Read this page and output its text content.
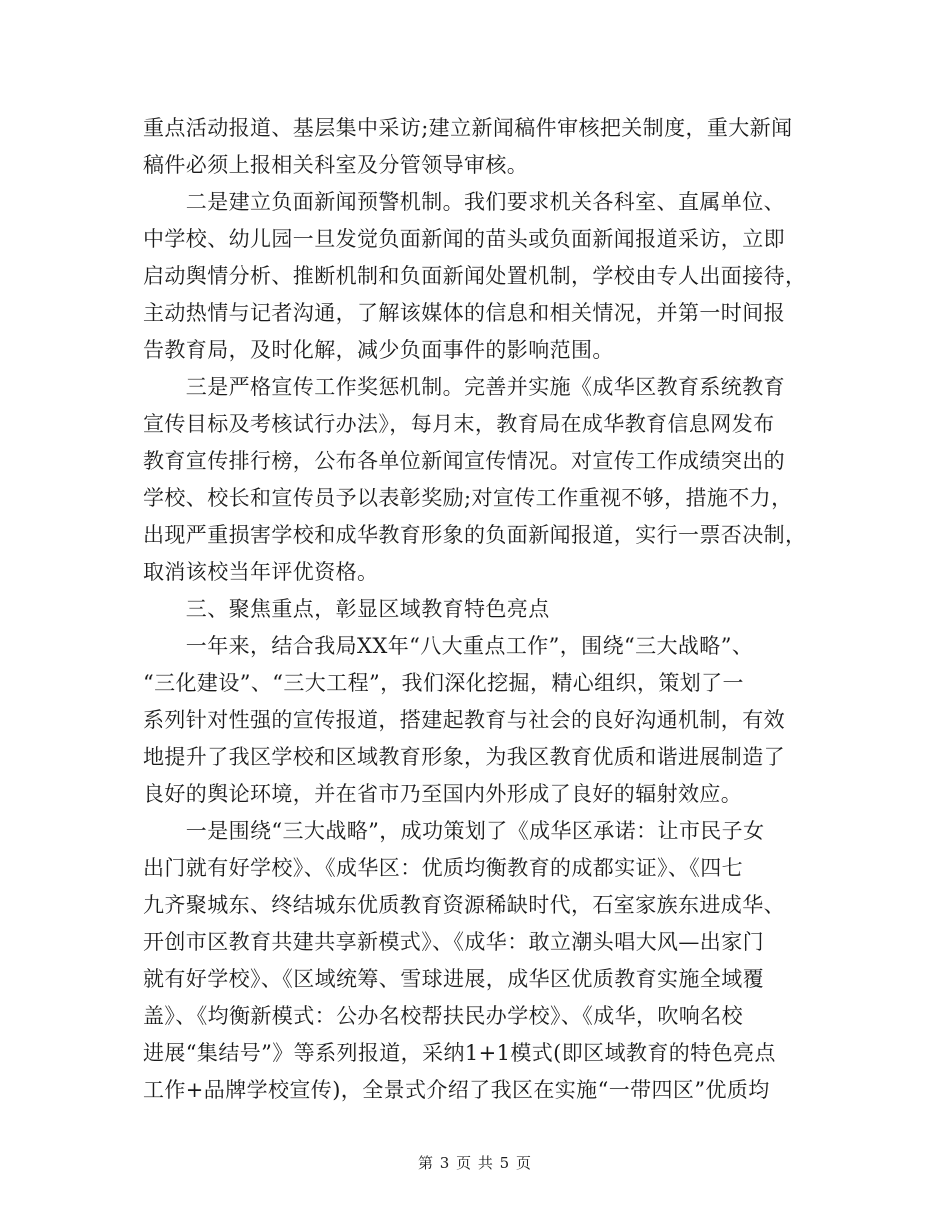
重点活动报道、基层集中采访;建立新闻稿件审核把关制度，重大新闻
稿件必须上报相关科室及分管领导审核。
　　二是建立负面新闻预警机制。我们要求机关各科室、直属单位、
中学校、幼儿园一旦发觉负面新闻的苗头或负面新闻报道采访，立即
启动舆情分析、推断机制和负面新闻处置机制，学校由专人出面接待，
主动热情与记者沟通，了解该媒体的信息和相关情况，并第一时间报
告教育局，及时化解，减少负面事件的影响范围。
　　三是严格宣传工作奖惩机制。完善并实施《成华区教育系统教育
宣传目标及考核试行办法》，每月末，教育局在成华教育信息网发布
教育宣传排行榜，公布各单位新闻宣传情况。对宣传工作成绩突出的
学校、校长和宣传员予以表彰奖励;对宣传工作重视不够，措施不力，
出现严重损害学校和成华教育形象的负面新闻报道，实行一票否决制，
取消该校当年评优资格。
　　三、聚焦重点，彰显区域教育特色亮点
　　一年来，结合我局XX年“八大重点工作”，围绕“三大战略”、
“三化建设”、“三大工程”，我们深化挖掘，精心组织，策划了一
系列针对性强的宣传报道，搭建起教育与社会的良好沟通机制，有效
地提升了我区学校和区域教育形象，为我区教育优质和谐进展制造了
良好的舆论环境，并在省市乃至国内外形成了良好的辐射效应。
　　一是围绕“三大战略”，成功策划了《成华区承诺：让市民子女
出门就有好学校》、《成华区：优质均衡教育的成都实证》、《四七
九齐聚城东、终结城东优质教育资源稀缺时代，石室家族东进成华、
开创市区教育共建共享新模式》、《成华：敢立潮头唱大风—出家门
就有好学校》、《区域统筹、雪球进展，成华区优质教育实施全域覆
盖》、《均衡新模式：公办名校帮扶民办学校》、《成华，吹响名校
进展“集结号”》等系列报道，采纳1+1模式(即区域教育的特色亮点
工作+品牌学校宣传)，全景式介绍了我区在实施“一带四区”优质均
第 3 页 共 5 页
